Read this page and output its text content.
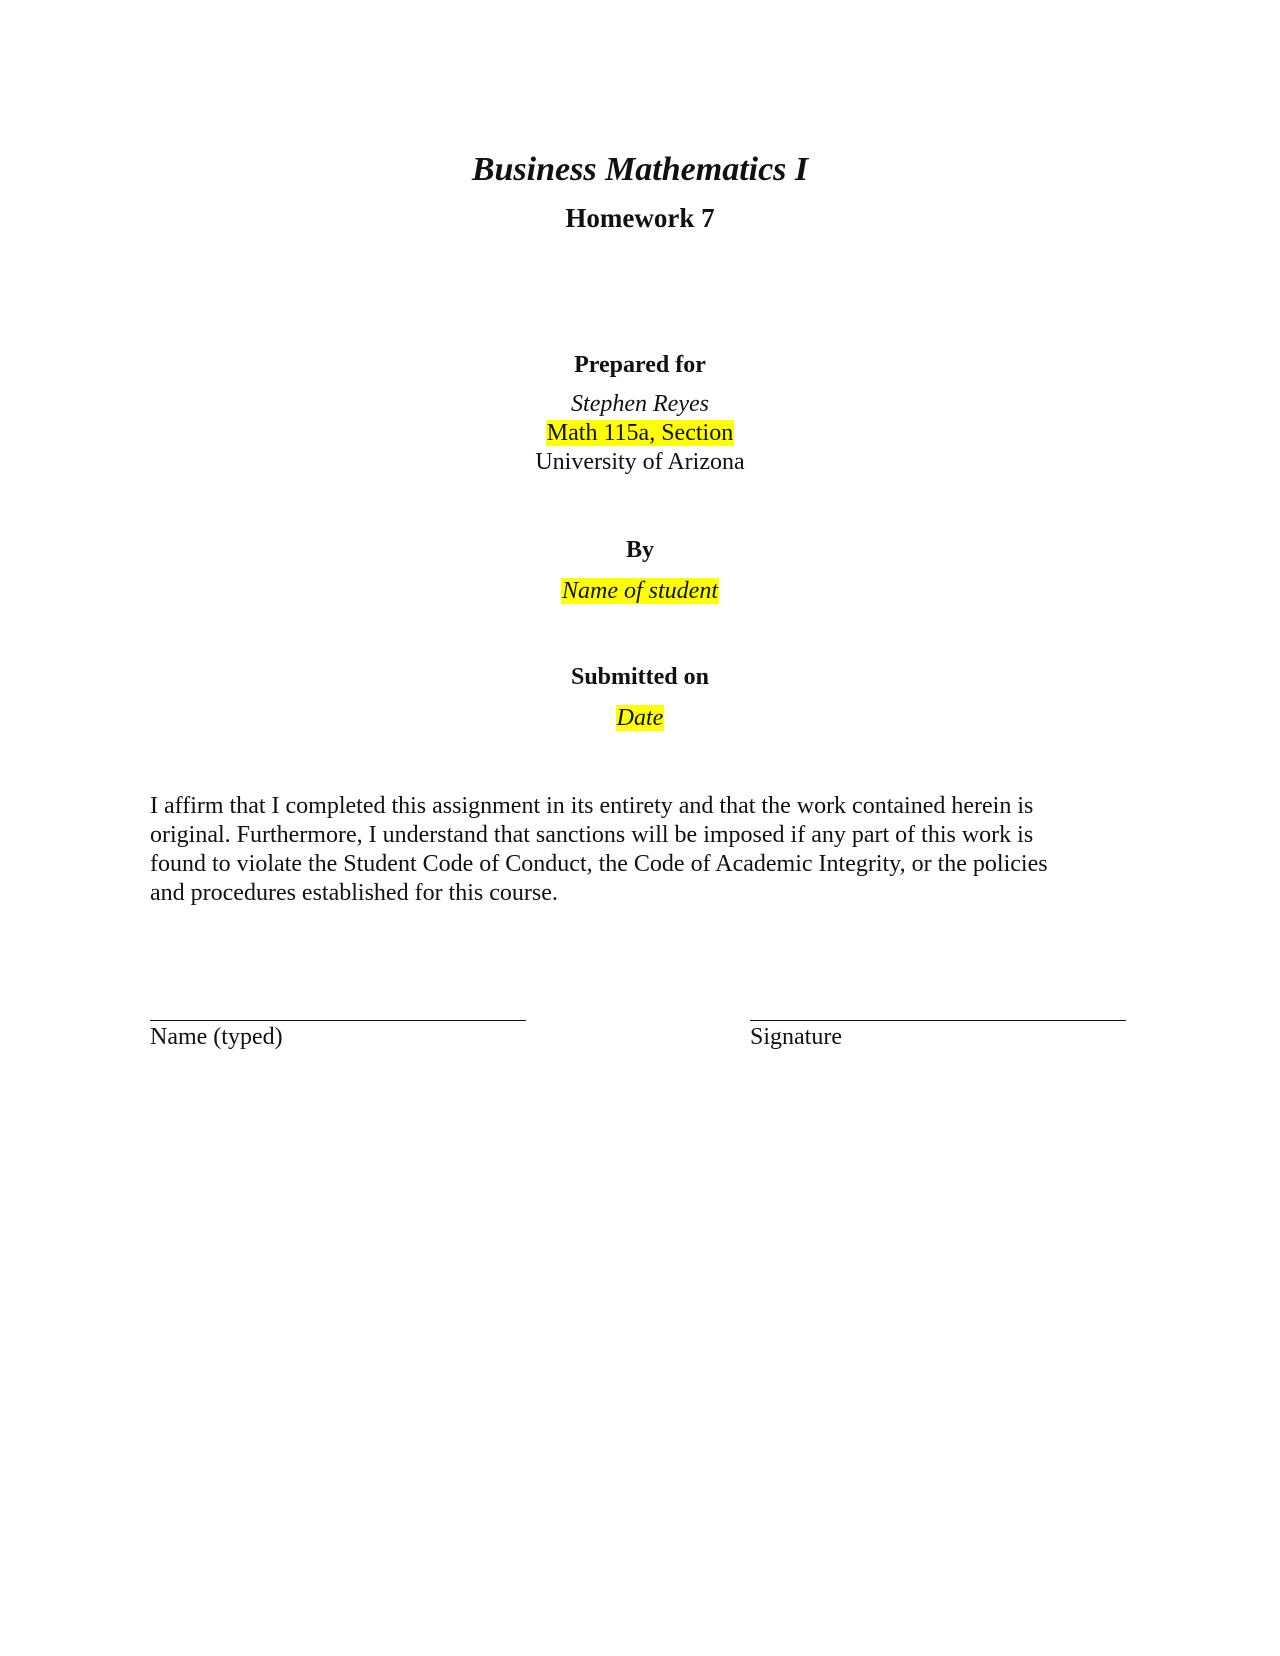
Business Mathematics I
Homework 7
Prepared for
Stephen Reyes
Math 115a, Section
University of Arizona
By
Name of student
Submitted on
Date
I affirm that I completed this assignment in its entirety and that the work contained herein is
original. Furthermore, I understand that sanctions will be imposed if any part of this work is
found to violate the Student Code of Conduct, the Code of Academic Integrity, or the policies
and procedures established for this course.
Name (typed)	Signature
